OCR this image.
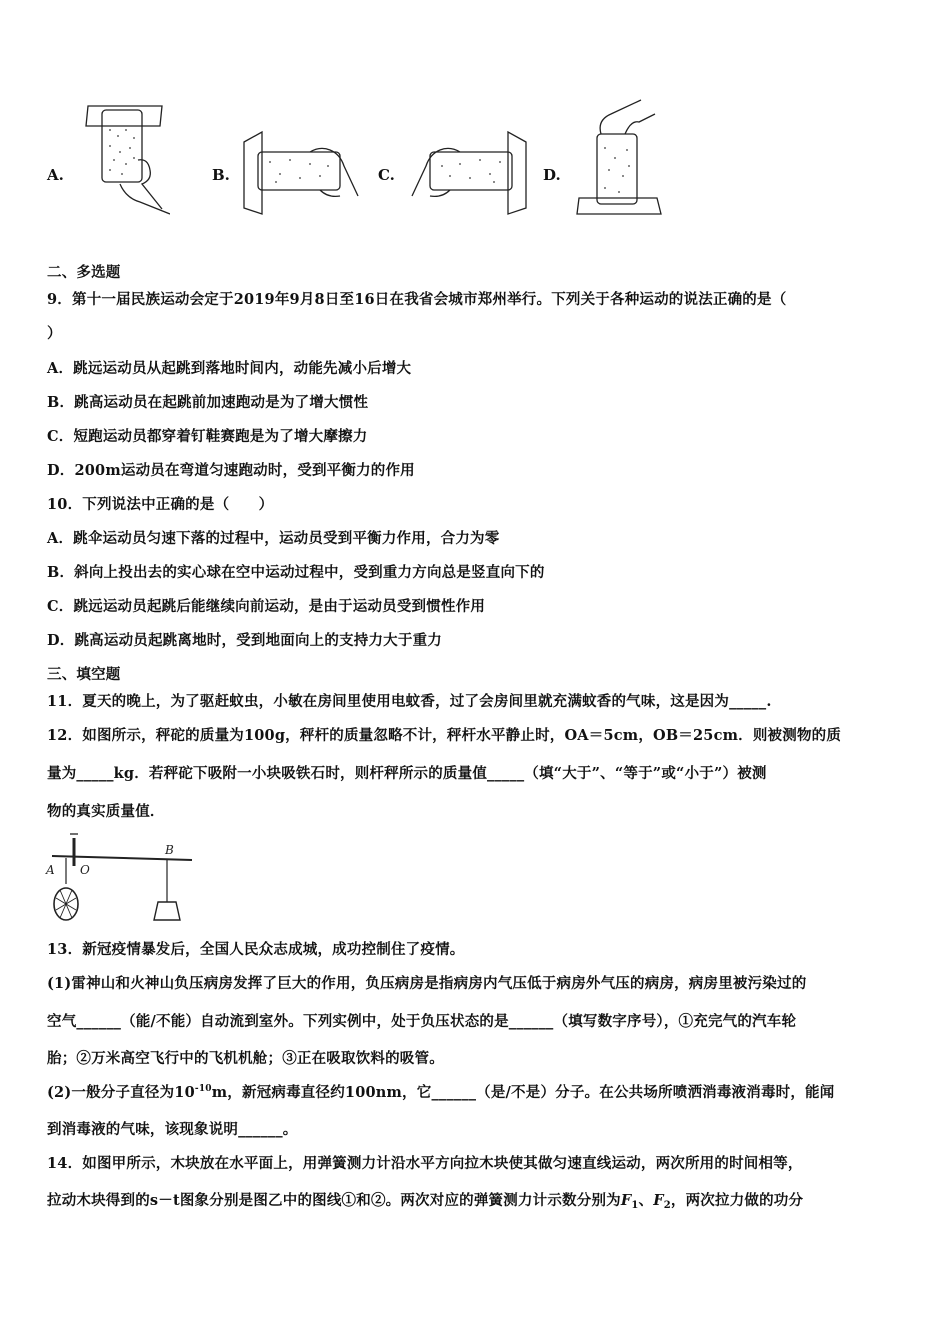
A.	B.	C.	D.
二、多选题
9．第十一届民族运动会定于2019年9月8日至16日在我省会城市郑州举行。下列关于各种运动的说法正确的是（
）
A．跳远运动员从起跳到落地时间内，动能先减小后增大
B．跳高运动员在起跳前加速跑动是为了增大惯性
C．短跑运动员都穿着钉鞋赛跑是为了增大摩擦力
D．200m运动员在弯道匀速跑动时，受到平衡力的作用
10．下列说法中正确的是（　　）
A．跳伞运动员匀速下落的过程中，运动员受到平衡力作用，合力为零
B．斜向上投出去的实心球在空中运动过程中，受到重力方向总是竖直向下的
C．跳远运动员起跳后能继续向前运动，是由于运动员受到惯性作用
D．跳高运动员起跳离地时，受到地面向上的支持力大于重力
三、填空题
11．夏天的晚上，为了驱赶蚊虫，小敏在房间里使用电蚊香，过了会房间里就充满蚊香的气味，这是因为_____.
12．如图所示，秤砣的质量为100g，秤杆的质量忽略不计，秤杆水平静止时，OA＝5cm，OB＝25cm．则被测物的质
量为_____kg．若秤砣下吸附一小块吸铁石时，则杆秤所示的质量值_____（填“大于”、“等于”或“小于”）被测
物的真实质量值．
A O
B
13．新冠疫情暴发后，全国人民众志成城，成功控制住了疫情。
(1)雷神山和火神山负压病房发挥了巨大的作用，负压病房是指病房内气压低于病房外气压的病房，病房里被污染过的
空气______（能/不能）自动流到室外。下列实例中，处于负压状态的是______（填写数字序号），①充完气的汽车轮
胎；②万米高空飞行中的飞机机舱；③正在吸取饮料的吸管。
(2)一般分子直径为$10^{-10}m$，新冠病毒直径约100nm，它______（是/不是）分子。在公共场所喷洒消毒液消毒时，能闻
到消毒液的气味，该现象说明______。
14．如图甲所示，木块放在水平面上，用弹簧测力计沿水平方向拉木块使其做匀速直线运动，两次所用的时间相等，
拉动木块得到的s－t图象分别是图乙中的图线①和②。两次对应的弹簧测力计示数分别为$F_1$、$F_2$，两次拉力做的功分
